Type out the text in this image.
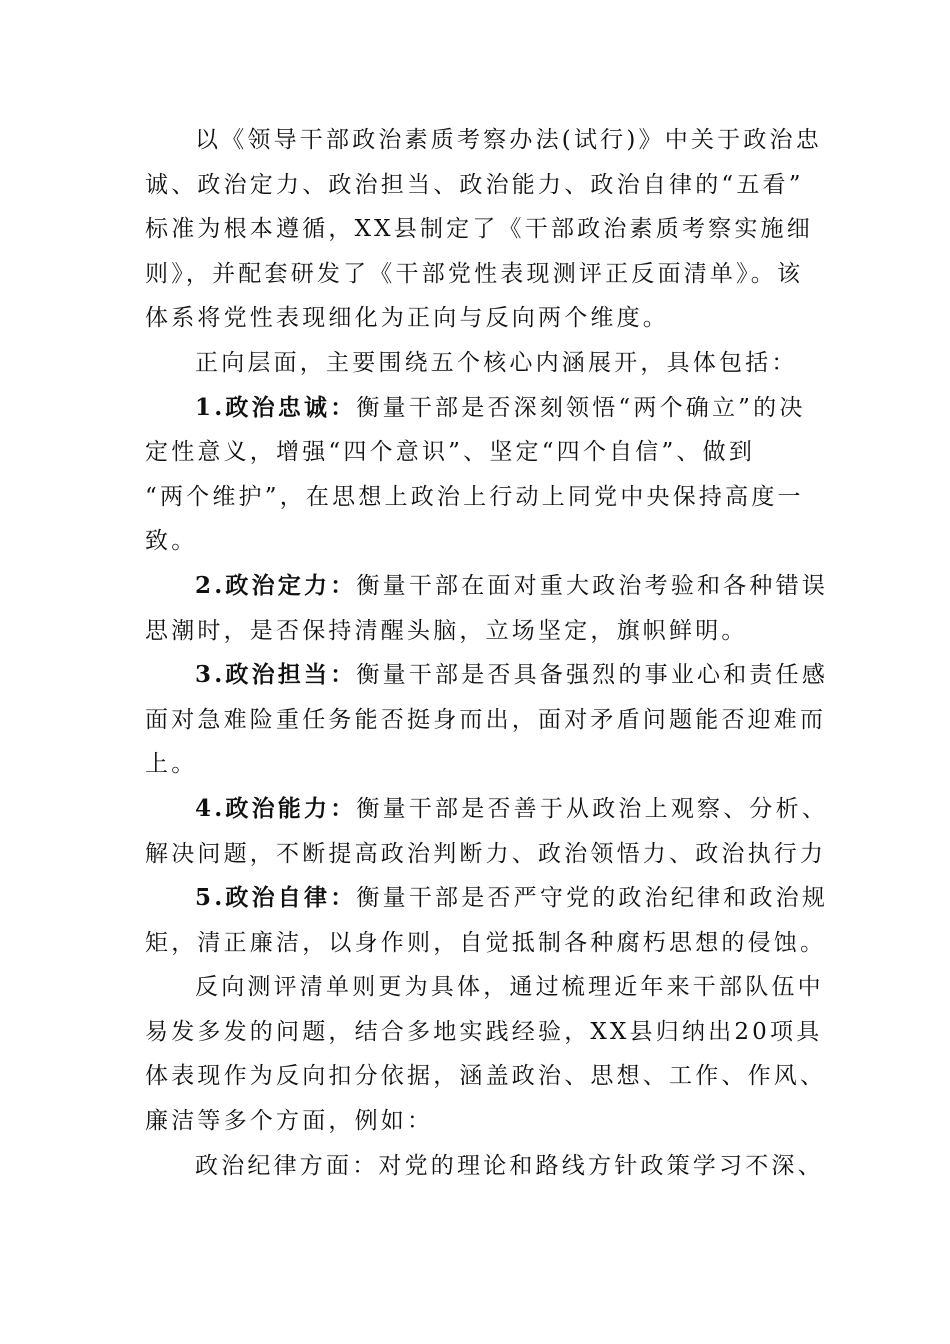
以《领导干部政治素质考察办法(试行)》中关于政治忠
诚、政治定力、政治担当、政治能力、政治自律的“五看”
标准为根本遵循，XX县制定了《干部政治素质考察实施细
则》，并配套研发了《干部党性表现测评正反面清单》。该
体系将党性表现细化为正向与反向两个维度。
正向层面，主要围绕五个核心内涵展开，具体包括：
1.政治忠诚：衡量干部是否深刻领悟“两个确立”的决
定性意义，增强“四个意识”、坚定“四个自信”、做到
“两个维护”，在思想上政治上行动上同党中央保持高度一
致。
2.政治定力：衡量干部在面对重大政治考验和各种错误
思潮时，是否保持清醒头脑，立场坚定，旗帜鲜明。
3.政治担当：衡量干部是否具备强烈的事业心和责任感
面对急难险重任务能否挺身而出，面对矛盾问题能否迎难而
上。
4.政治能力：衡量干部是否善于从政治上观察、分析、
解决问题，不断提高政治判断力、政治领悟力、政治执行力
5.政治自律：衡量干部是否严守党的政治纪律和政治规
矩，清正廉洁，以身作则，自觉抵制各种腐朽思想的侵蚀。
反向测评清单则更为具体，通过梳理近年来干部队伍中
易发多发的问题，结合多地实践经验，XX县归纳出20项具
体表现作为反向扣分依据，涵盖政治、思想、工作、作风、
廉洁等多个方面，例如：
政治纪律方面：对党的理论和路线方针政策学习不深、
